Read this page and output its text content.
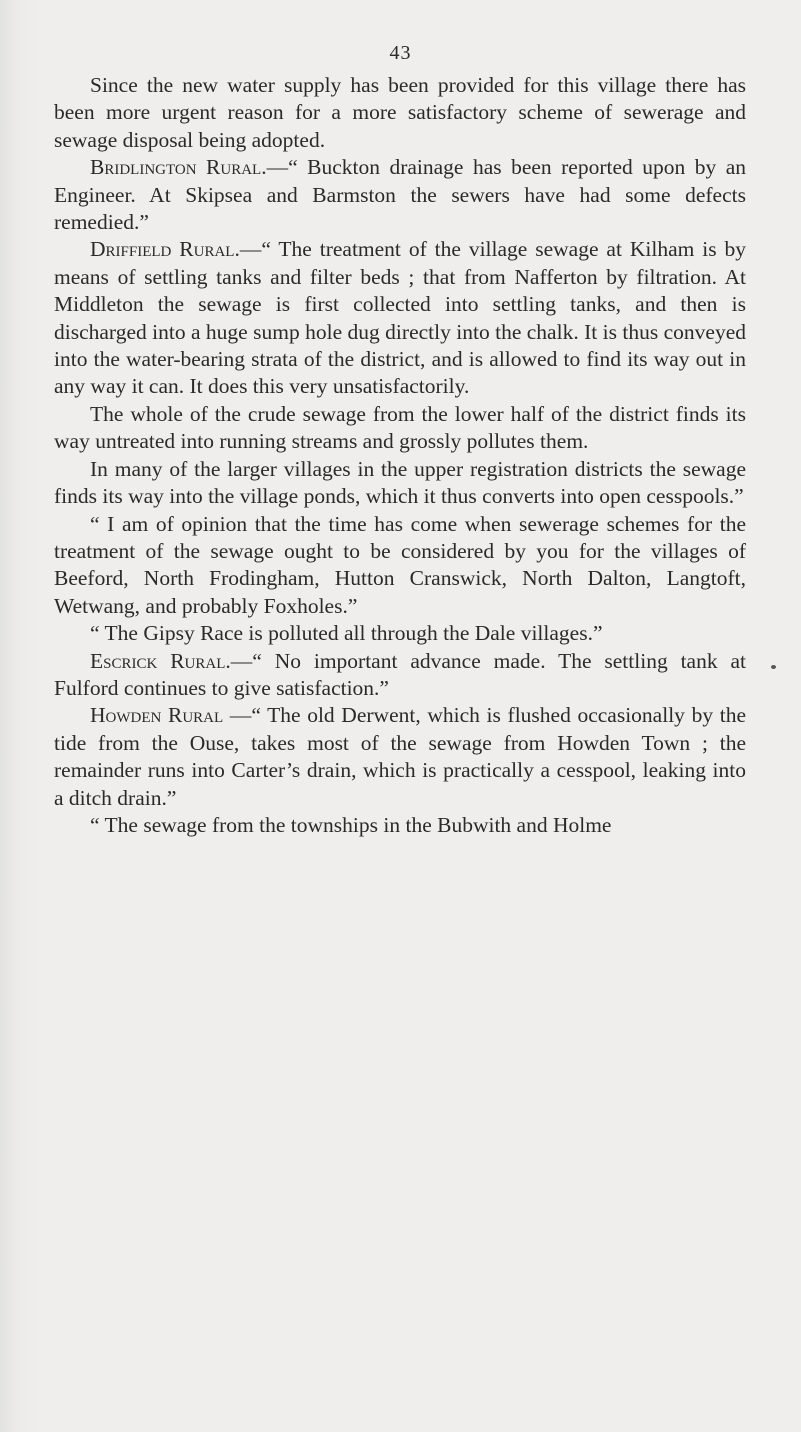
43

Since the new water supply has been provided for this village there has been more urgent reason for a more satisfactory scheme of sewerage and sewage disposal being adopted.

Bridlington Rural.—“ Buckton drainage has been reported upon by an Engineer. At Skipsea and Barmston the sewers have had some defects remedied.”

Driffield Rural.—“ The treatment of the village sewage at Kilham is by means of settling tanks and filter beds ; that from Nafferton by filtration. At Middleton the sewage is first collected into settling tanks, and then is discharged into a huge sump hole dug directly into the chalk. It is thus conveyed into the water-bearing strata of the district, and is allowed to find its way out in any way it can. It does this very unsatisfactorily.

The whole of the crude sewage from the lower half of the district finds its way untreated into running streams and grossly pollutes them.

In many of the larger villages in the upper registration districts the sewage finds its way into the village ponds, which it thus converts into open cesspools.”

“ I am of opinion that the time has come when sewerage schemes for the treatment of the sewage ought to be considered by you for the villages of Beeford, North Frodingham, Hutton Cranswick, North Dalton, Langtoft, Wetwang, and probably Foxholes.”

“ The Gipsy Race is polluted all through the Dale villages.”

Escrick Rural.—“ No important advance made. The settling tank at Fulford continues to give satisfaction.”

Howden Rural —“ The old Derwent, which is flushed occasionally by the tide from the Ouse, takes most of the sewage from Howden Town ; the remainder runs into Carter’s drain, which is practically a cesspool, leaking into a ditch drain.”

“ The sewage from the townships in the Bubwith and Holme
